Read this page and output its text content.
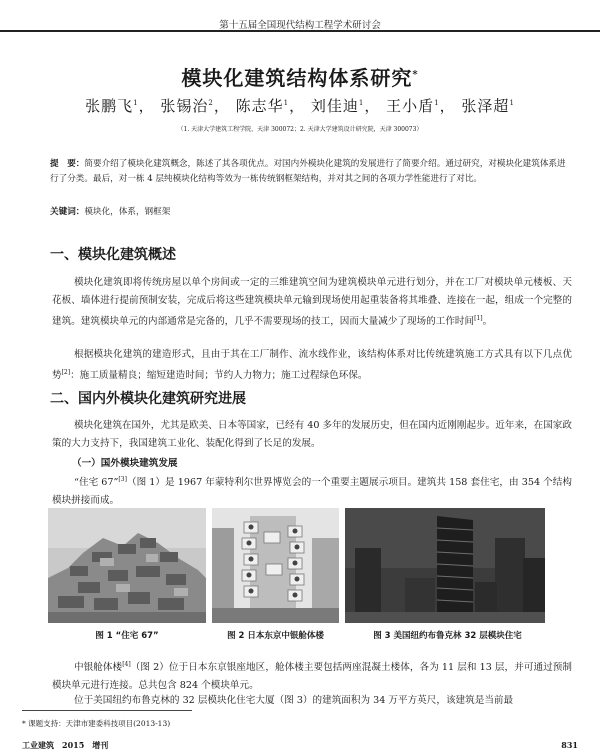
第十五届全国现代结构工程学术研讨会
模块化建筑结构体系研究*
张鹏飞$^1$， 张锡治$^2$， 陈志华$^1$， 刘佳迪$^1$， 王小盾$^1$， 张泽超$^1$
（1. 天津大学建筑工程学院，天津 300072；2. 天津大学建筑设计研究院，天津 300073）
提　要：简要介绍了模块化建筑概念，陈述了其各项优点。对国内外模块化建筑的发展进行了简要介绍。通过研究，对模块化建筑体系进行了分类。最后，对一栋 4 层纯模块化结构等效为一栋传统钢框架结构，并对其之间的各项力学性能进行了对比。
关键词：模块化，体系，钢框架
一、模块化建筑概述
模块化建筑即将传统房屋以单个房间或一定的三维建筑空间为建筑模块单元进行划分，并在工厂对模块单元楼板、天花板、墙体进行提前预制安装，完成后将这些建筑模块单元输到现场使用起重装备将其堆叠、连接在一起，组成一个完整的建筑。建筑模块单元的内部通常是完备的，几乎不需要现场的技工，因而大量减少了现场的工作时间[1]。
根据模块化建筑的建造形式，且由于其在工厂制作、流水线作业，该结构体系对比传统建筑施工方式具有以下几点优势[2]：施工质量精良；缩短建造时间；节约人力物力；施工过程绿色环保。
二、国内外模块化建筑研究进展
模块化建筑在国外，尤其是欧美、日本等国家，已经有 40 多年的发展历史，但在国内近刚刚起步。近年来，在国家政策的大力支持下，我国建筑工业化、装配化得到了长足的发展。
（一）国外模块建筑发展
“住宅 67”[3]（图 1）是 1967 年蒙特利尔世界博览会的一个重要主题展示项目。建筑共 158 套住宅，由 354 个结构模块拼接而成。
图 1 “住宅 67”	图 2 日本东京中银舱体楼	图 3 美国纽约布鲁克林 32 层模块住宅
中银舱体楼[4]（图 2）位于日本东京银座地区，舱体楼主要包括两座混凝土楼体，各为 11 层和 13 层，并可通过预制模块单元进行连接。总共包含 824 个模块单元。
位于美国纽约布鲁克林的 32 层模块化住宅大厦（图 3）的建筑面积为 34 万平方英尺，该建筑是当前最
* 课题支持：天津市建委科技项目(2013-13)
工业建筑　2015　增刊	831
